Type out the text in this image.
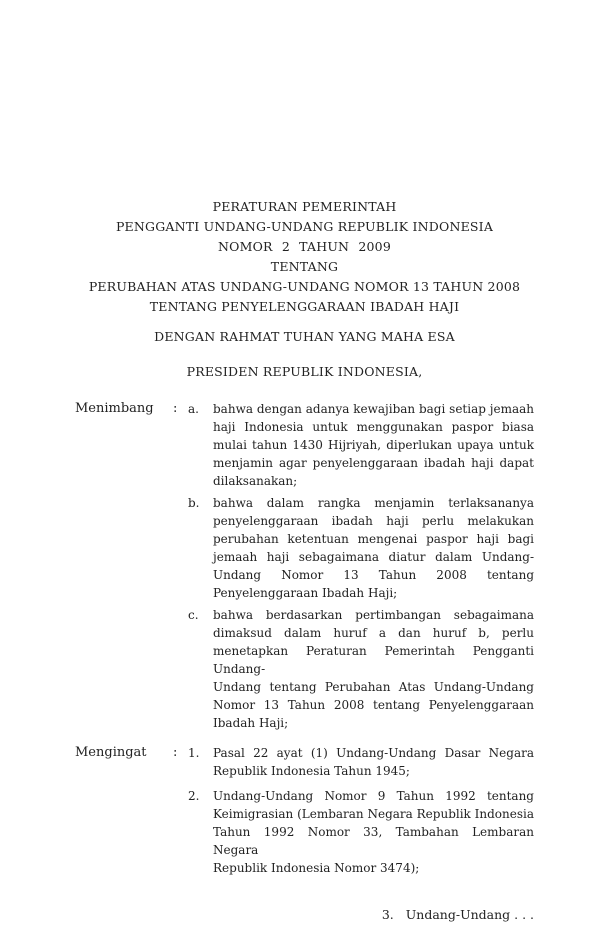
PERATURAN PEMERINTAH
PENGGANTI UNDANG-UNDANG REPUBLIK INDONESIA
NOMOR 2 TAHUN 2009
TENTANG
PERUBAHAN ATAS UNDANG-UNDANG NOMOR 13 TAHUN 2008
TENTANG PENYELENGGARAAN IBADAH HAJI
DENGAN RAHMAT TUHAN YANG MAHA ESA
PRESIDEN REPUBLIK INDONESIA,
Menimbang	: a.	bahwa dengan adanya kewajiban bagi setiap jemaah
haji Indonesia untuk menggunakan paspor biasa
mulai tahun 1430 Hijriyah, diperlukan upaya untuk
menjamin agar penyelenggaraan ibadah haji dapat
dilaksanakan;
b.	bahwa dalam rangka menjamin terlaksananya
penyelenggaraan ibadah haji perlu melakukan
perubahan ketentuan mengenai paspor haji bagi
jemaah haji sebagaimana diatur dalam Undang-
Undang Nomor 13 Tahun 2008 tentang
Penyelenggaraan Ibadah Haji;
c.	bahwa berdasarkan pertimbangan sebagaimana
dimaksud dalam huruf a dan huruf b, perlu
menetapkan Peraturan Pemerintah Pengganti Undang-
Undang tentang Perubahan Atas Undang-Undang
Nomor 13 Tahun 2008 tentang Penyelenggaraan
Ibadah Haji;
Mengingat	: 1.	Pasal 22 ayat (1) Undang-Undang Dasar Negara
Republik Indonesia Tahun 1945;
2.	Undang-Undang Nomor 9 Tahun 1992 tentang
Keimigrasian (Lembaran Negara Republik Indonesia
Tahun 1992 Nomor 33, Tambahan Lembaran Negara
Republik Indonesia Nomor 3474);
3. Undang-Undang . . .
